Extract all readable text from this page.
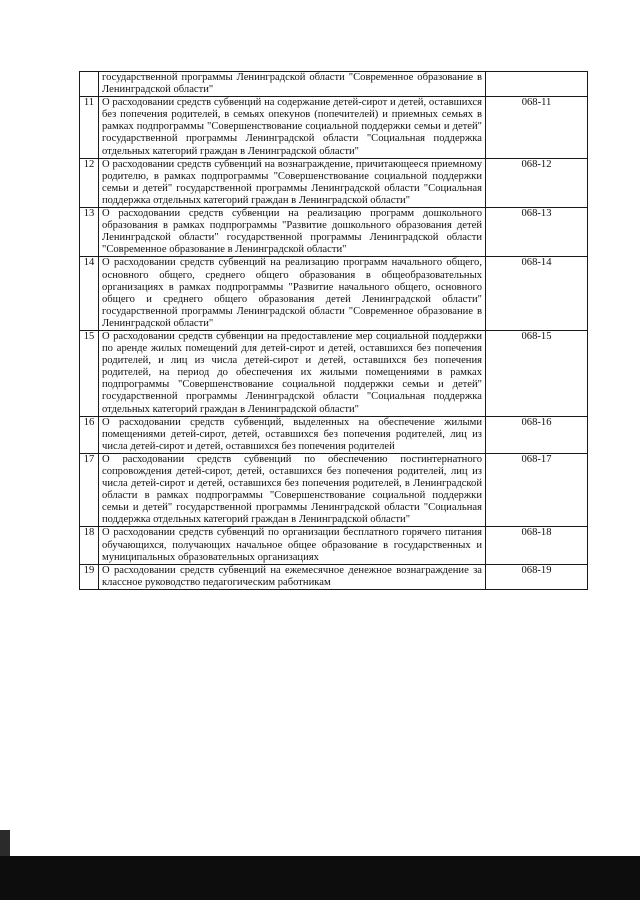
	государственной программы Ленинградской области "Современное образование в Ленинградской области"	
11	О расходовании средств субвенций на содержание детей-сирот и детей, оставшихся без попечения родителей, в семьях опекунов (попечителей) и приемных семьях в рамках подпрограммы "Совершенствование социальной поддержки семьи и детей" государственной программы Ленинградской области "Социальная поддержка отдельных категорий граждан в Ленинградской области"	068-11
12	О расходовании средств субвенций на вознаграждение, причитающееся приемному родителю, в рамках подпрограммы "Совершенствование социальной поддержки семьи и детей" государственной программы Ленинградской области "Социальная поддержка отдельных категорий граждан в Ленинградской области"	068-12
13	О расходовании средств субвенции на реализацию программ дошкольного образования в рамках подпрограммы "Развитие дошкольного образования детей Ленинградской области" государственной программы Ленинградской области "Современное образование в Ленинградской области"	068-13
14	О расходовании средств субвенций на реализацию программ начального общего, основного общего, среднего общего образования в общеобразовательных организациях в рамках подпрограммы "Развитие начального общего, основного общего и среднего общего образования детей Ленинградской области" государственной программы Ленинградской области "Современное образование в Ленинградской области"	068-14
15	О расходовании средств субвенции на предоставление мер социальной поддержки по аренде жилых помещений для детей-сирот и детей, оставшихся без попечения родителей, и лиц из числа детей-сирот и детей, оставшихся без попечения родителей, на период до обеспечения их жилыми помещениями в рамках подпрограммы "Совершенствование социальной поддержки семьи и детей" государственной программы Ленинградской области "Социальная поддержка отдельных категорий граждан в Ленинградской области"	068-15
16	О расходовании средств субвенций, выделенных на обеспечение жилыми помещениями детей-сирот, детей, оставшихся без попечения родителей, лиц из числа детей-сирот и детей, оставшихся без попечения родителей	068-16
17	О расходовании средств субвенций по обеспечению постинтернатного сопровождения детей-сирот, детей, оставшихся без попечения родителей, лиц из числа детей-сирот и детей, оставшихся без попечения родителей, в Ленинградской области в рамках подпрограммы "Совершенствование социальной поддержки семьи и детей" государственной программы Ленинградской области "Социальная поддержка отдельных категорий граждан в Ленинградской области"	068-17
18	О расходовании средств субвенций по организации бесплатного горячего питания обучающихся, получающих начальное общее образование в государственных и муниципальных образовательных организациях	068-18
19	О расходовании средств субвенций на ежемесячное денежное вознаграждение за классное руководство педагогическим работникам	068-19
